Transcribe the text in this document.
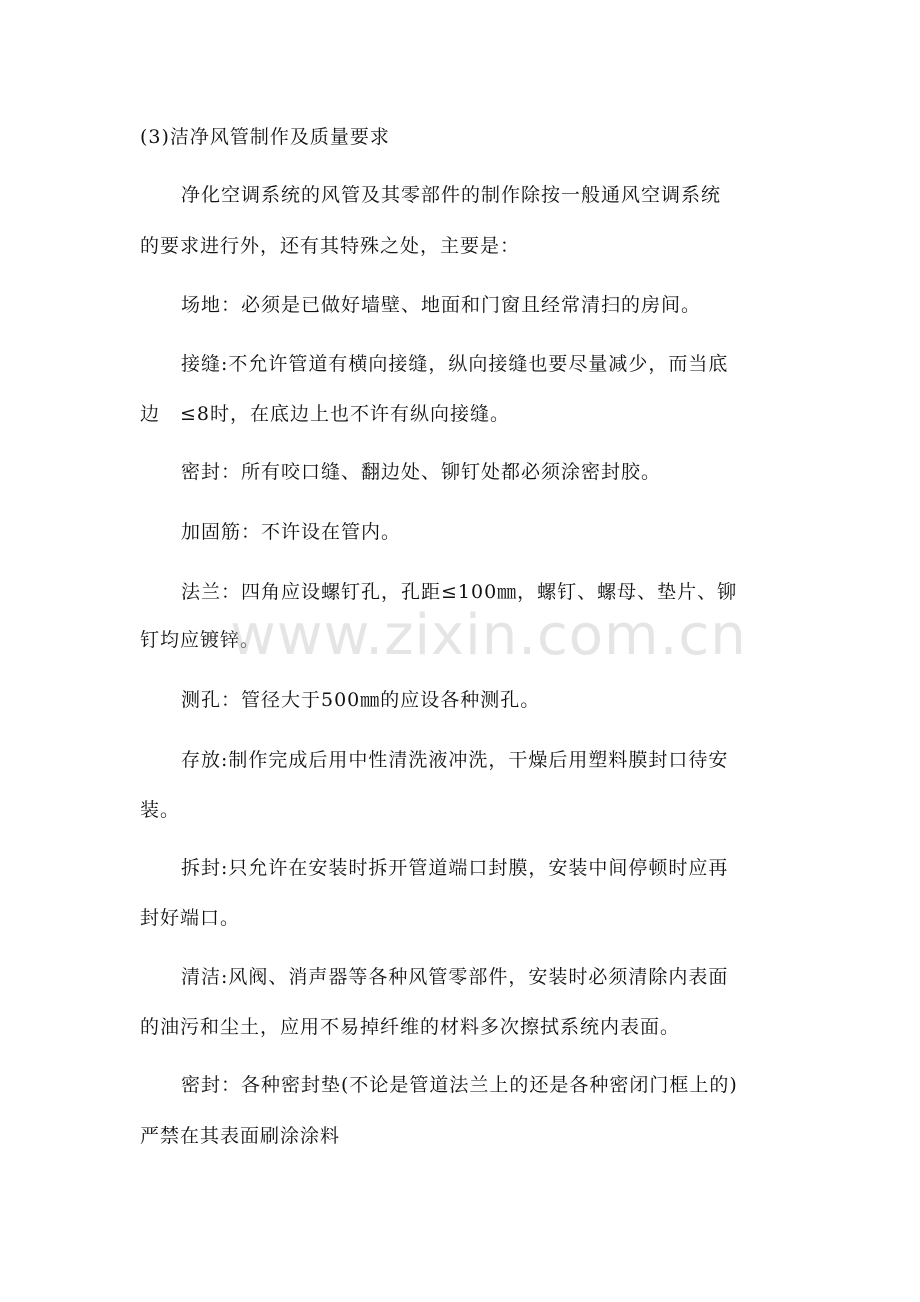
(3)洁净风管制作及质量要求
净化空调系统的风管及其零部件的制作除按一般通风空调系统
的要求进行外，还有其特殊之处，主要是：
场地：必须是已做好墙壁、地面和门窗且经常清扫的房间。
接缝:不允许管道有横向接缝，纵向接缝也要尽量减少，而当底
边　≤8时，在底边上也不许有纵向接缝。
密封：所有咬口缝、翻边处、铆钉处都必须涂密封胶。
加固筋：不许设在管内。
法兰：四角应设螺钉孔，孔距≤100㎜，螺钉、螺母、垫片、铆
钉均应镀锌。
测孔：管径大于500㎜的应设各种测孔。
存放:制作完成后用中性清洗液冲洗，干燥后用塑料膜封口待安
装。
拆封:只允许在安装时拆开管道端口封膜，安装中间停顿时应再
封好端口。
清洁:风阀、消声器等各种风管零部件，安装时必须清除内表面
的油污和尘土，应用不易掉纤维的材料多次擦拭系统内表面。
密封：各种密封垫(不论是管道法兰上的还是各种密闭门框上的)
严禁在其表面刷涂涂料
www.zixin.com.cn
